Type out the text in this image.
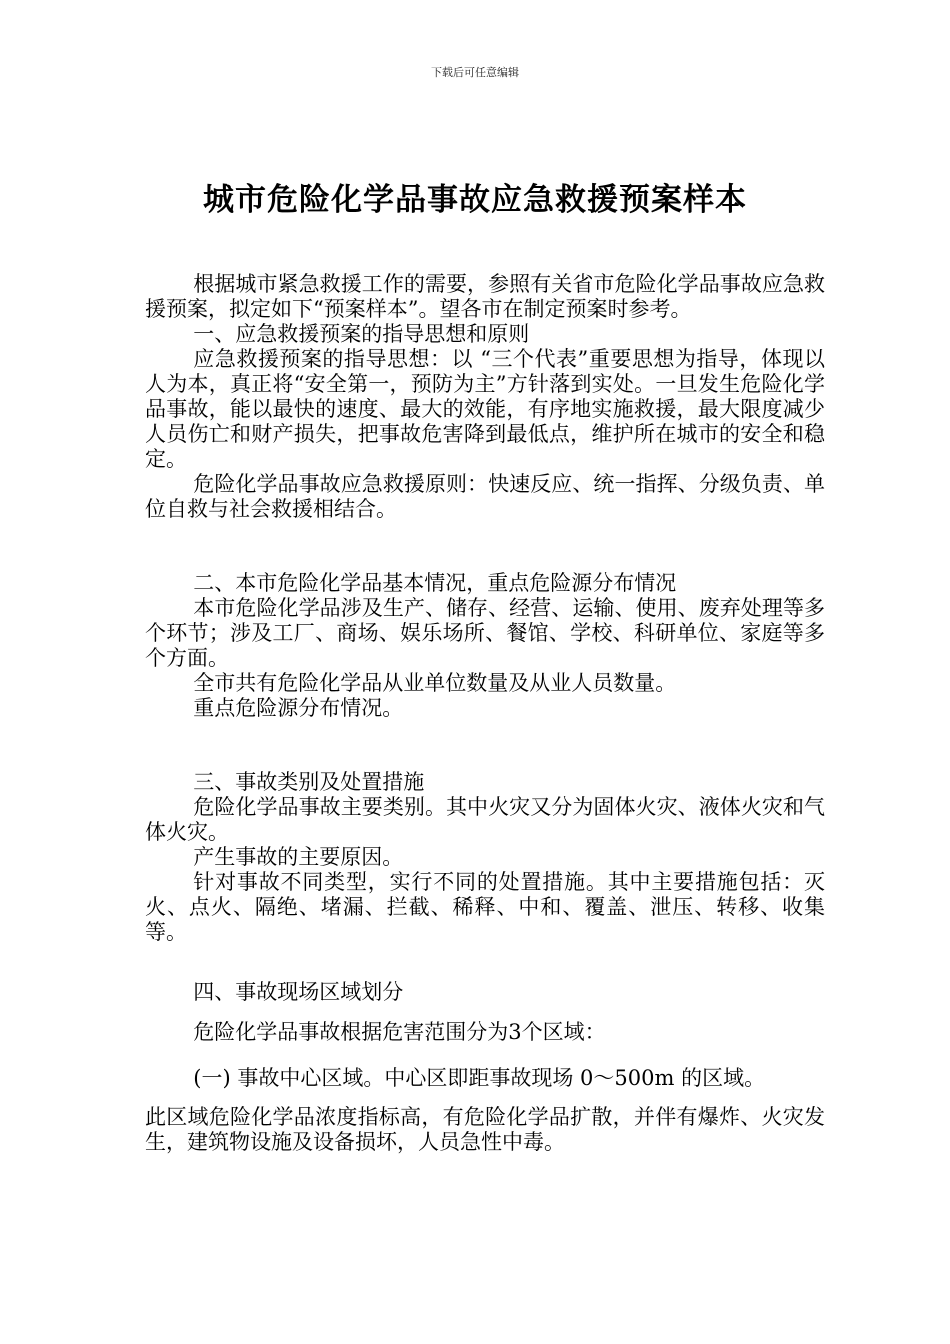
下载后可任意编辑
城市危险化学品事故应急救援预案样本

根据城市紧急救援工作的需要，参照有关省市危险化学品事故应急救援预案，拟定如下“预案样本”。望各市在制定预案时参考。

一、应急救援预案的指导思想和原则

应急救援预案的指导思想：以 “三个代表”重要思想为指导，体现以人为本，真正将“安全第一，预防为主”方针落到实处。一旦发生危险化学品事故，能以最快的速度、最大的效能，有序地实施救援，最大限度减少人员伤亡和财产损失，把事故危害降到最低点，维护所在城市的安全和稳定。

危险化学品事故应急救援原则：快速反应、统一指挥、分级负责、单位自救与社会救援相结合。

二、本市危险化学品基本情况，重点危险源分布情况

本市危险化学品涉及生产、储存、经营、运输、使用、废弃处理等多个环节；涉及工厂、商场、娱乐场所、餐馆、学校、科研单位、家庭等多个方面。

全市共有危险化学品从业单位数量及从业人员数量。

重点危险源分布情况。

三、事故类别及处置措施

危险化学品事故主要类别。其中火灾又分为固体火灾、液体火灾和气体火灾。

产生事故的主要原因。

针对事故不同类型，实行不同的处置措施。其中主要措施包括：灭火、点火、隔绝、堵漏、拦截、稀释、中和、覆盖、泄压、转移、收集等。

四、事故现场区域划分

危险化学品事故根据危害范围分为3个区域：

(一) 事故中心区域。中心区即距事故现场 0～500m 的区域。

此区域危险化学品浓度指标高，有危险化学品扩散，并伴有爆炸、火灾发生，建筑物设施及设备损坏，人员急性中毒。
